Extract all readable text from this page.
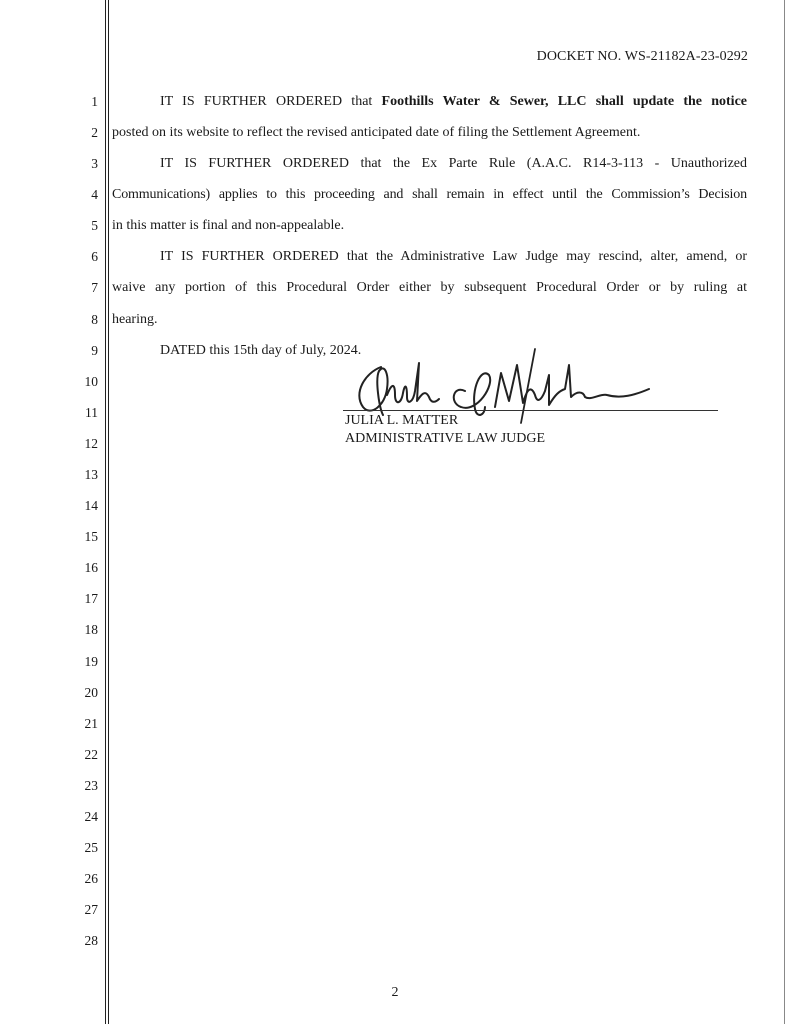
DOCKET NO. WS-21182A-23-0292
1
2
3
4
5
6
7
8
9
10
11
12
13
14
15
16
17
18
19
20
21
22
23
24
25
26
27
28
IT IS FURTHER ORDERED that Foothills Water & Sewer, LLC shall update the notice
posted on its website to reflect the revised anticipated date of filing the Settlement Agreement.
IT IS FURTHER ORDERED that the Ex Parte Rule (A.A.C. R14-3-113 - Unauthorized
Communications) applies to this proceeding and shall remain in effect until the Commission’s Decision
in this matter is final and non-appealable.
IT IS FURTHER ORDERED that the Administrative Law Judge may rescind, alter, amend, or
waive any portion of this Procedural Order either by subsequent Procedural Order or by ruling at
hearing.
DATED this 15th day of July, 2024.
JULIA L. MATTER
ADMINISTRATIVE LAW JUDGE
2
